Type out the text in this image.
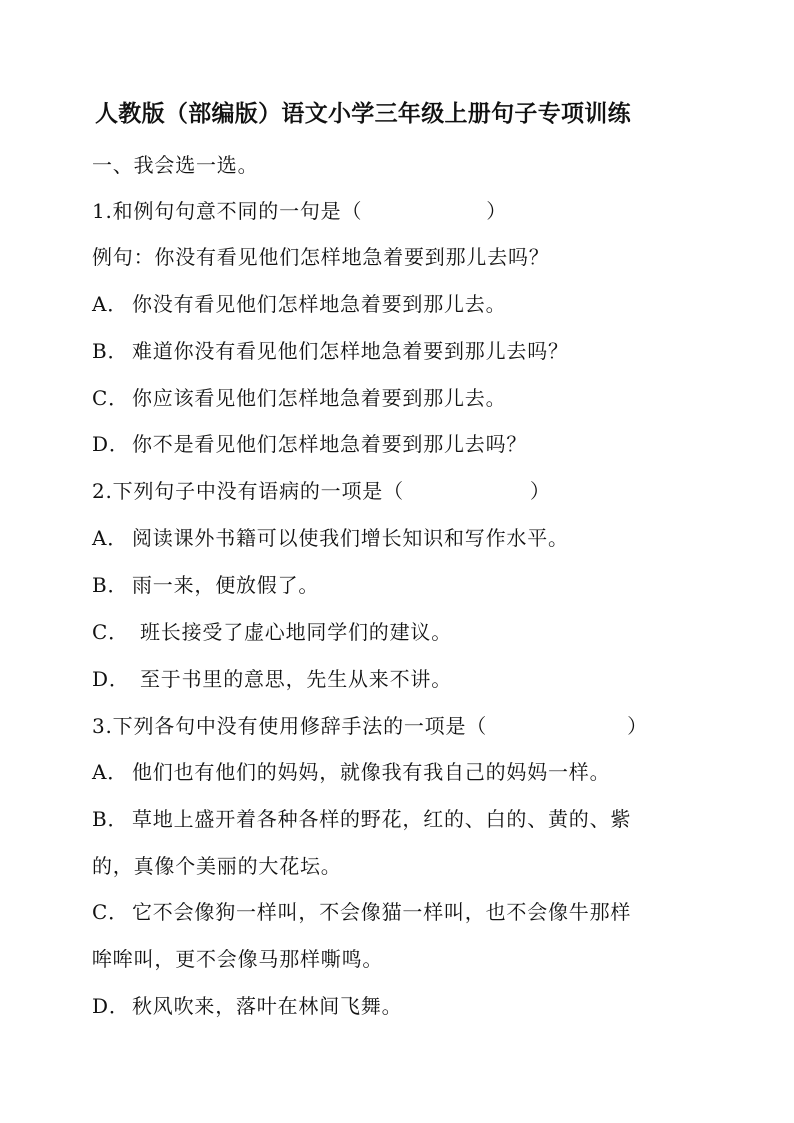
人教版（部编版）语文小学三年级上册句子专项训练
一、我会选一选。
1.和例句句意不同的一句是（	）
例句：你没有看见他们怎样地急着要到那儿去吗？
A． 你没有看见他们怎样地急着要到那儿去。
B． 难道你没有看见他们怎样地急着要到那儿去吗？
C． 你应该看见他们怎样地急着要到那儿去。
D． 你不是看见他们怎样地急着要到那儿去吗？
2.下列句子中没有语病的一项是（	）
A． 阅读课外书籍可以使我们增长知识和写作水平。
B． 雨一来，便放假了。
C． 班长接受了虚心地同学们的建议。
D． 至于书里的意思，先生从来不讲。
3.下列各句中没有使用修辞手法的一项是（	）
A． 他们也有他们的妈妈，就像我有我自己的妈妈一样。
B． 草地上盛开着各种各样的野花，红的、白的、黄的、紫
的，真像个美丽的大花坛。
C． 它不会像狗一样叫，不会像猫一样叫，也不会像牛那样
哞哞叫，更不会像马那样嘶鸣。
D． 秋风吹来，落叶在林间飞舞。
